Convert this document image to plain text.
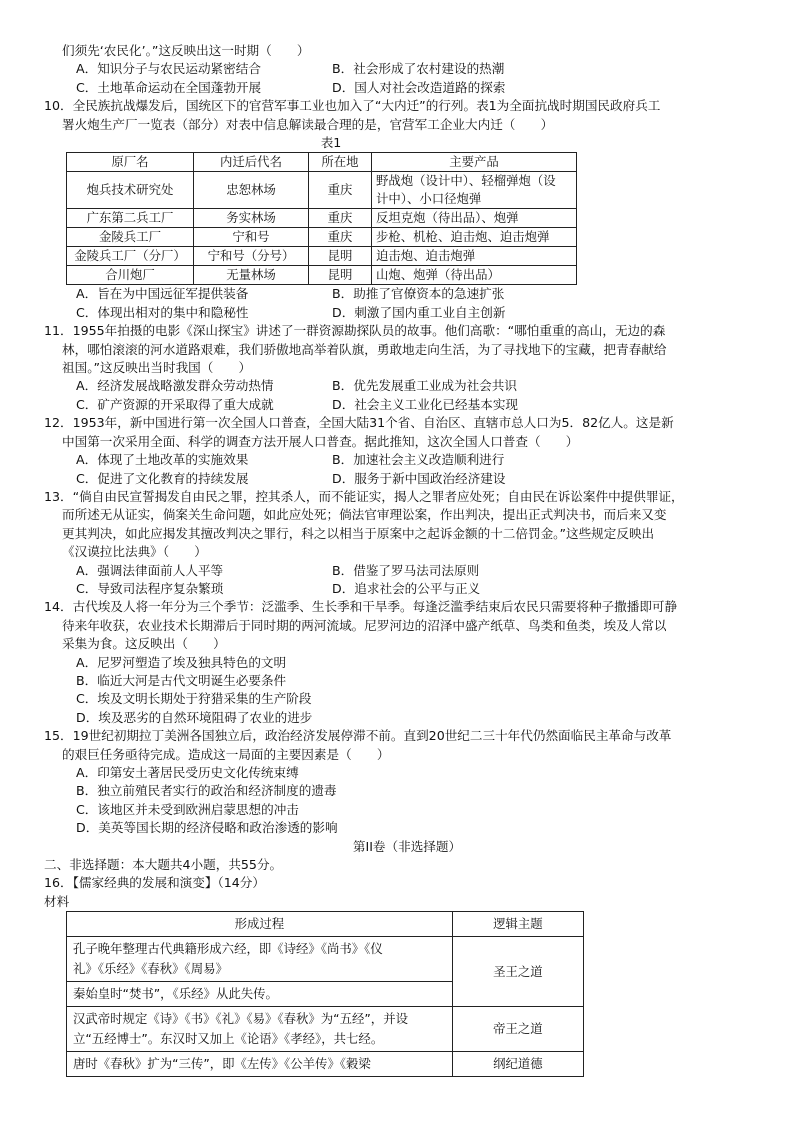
们须先‘农民化’。”这反映出这一时期（　　）
A．知识分子与农民运动紧密结合	B．社会形成了农村建设的热潮
C．土地革命运动在全国蓬勃开展	D．国人对社会改造道路的探索
10．全民族抗战爆发后，国统区下的官营军事工业也加入了“大内迁”的行列。表1为全面抗战时期国民政府兵工
署火炮生产厂一览表（部分）对表中信息解读最合理的是，官营军工企业大内迁（　　）
表1
原厂名	内迁后代名	所在地	主要产品
炮兵技术研究处	忠恕林场	重庆	野战炮（设计中）、轻榴弹炮（设
计中）、小口径炮弹

广东第二兵工厂	务实林场	重庆	反坦克炮（待出品）、炮弹
金陵兵工厂	宁和号	重庆	步枪、机枪、迫击炮、迫击炮弹
金陵兵工厂（分厂）	宁和号（分号）	昆明	迫击炮、迫击炮弹
合川炮厂	无量林场	昆明	山炮、炮弹（待出品）
A．旨在为中国远征军提供装备	B．助推了官僚资本的急速扩张
C．体现出相对的集中和隐秘性	D．刺激了国内重工业自主创新
11．1955年拍摄的电影《深山探宝》讲述了一群资源勘探队员的故事。他们高歌：“哪怕重重的高山，无边的森
林，哪怕滚滚的河水道路艰难，我们骄傲地高举着队旗，勇敢地走向生活，为了寻找地下的宝藏，把青春献给
祖国。”这反映出当时我国（　　）
A．经济发展战略激发群众劳动热情	B．优先发展重工业成为社会共识
C．矿产资源的开采取得了重大成就	D．社会主义工业化已经基本实现
12．1953年，新中国进行第一次全国人口普查，全国大陆31个省、自治区、直辖市总人口为5．82亿人。这是新
中国第一次采用全面、科学的调查方法开展人口普查。据此推知，这次全国人口普查（　　）
A．体现了土地改革的实施效果	B．加速社会主义改造顺利进行
C．促进了文化教育的持续发展	D．服务于新中国政治经济建设
13．“倘自由民宣誓揭发自由民之罪，控其杀人，而不能证实，揭人之罪者应处死；自由民在诉讼案件中提供罪证，
而所述无从证实，倘案关生命问题，如此应处死；倘法官审理讼案，作出判决，提出正式判决书，而后来又变
更其判决，如此应揭发其擅改判决之罪行，科之以相当于原案中之起诉金额的十二倍罚金。”这些规定反映出
《汉谟拉比法典》（　　）
A．强调法律面前人人平等	B．借鉴了罗马法司法原则
C．导致司法程序复杂繁琐	D．追求社会的公平与正义
14．古代埃及人将一年分为三个季节：泛滥季、生长季和干旱季。每逢泛滥季结束后农民只需要将种子撒播即可静
待来年收获，农业技术长期滞后于同时期的两河流域。尼罗河边的沼泽中盛产纸草、鸟类和鱼类，埃及人常以
采集为食。这反映出（　　）
A．尼罗河塑造了埃及独具特色的文明
B．临近大河是古代文明诞生必要条件
C．埃及文明长期处于狩猎采集的生产阶段
D．埃及恶劣的自然环境阻碍了农业的进步
15．19世纪初期拉丁美洲各国独立后，政治经济发展停滞不前。直到20世纪二三十年代仍然面临民主革命与改革
的艰巨任务亟待完成。造成这一局面的主要因素是（　　）
A．印第安土著居民受历史文化传统束缚
B．独立前殖民者实行的政治和经济制度的遗毒
C．该地区并未受到欧洲启蒙思想的冲击
D．美英等国长期的经济侵略和政治渗透的影响
第II卷（非选择题）
二、非选择题：本大题共4小题，共55分。
16．【儒家经典的发展和演变】（14分）
材料
形成过程	逻辑主题

孔子晚年整理古代典籍形成六经，即《诗经》《尚书》《仪
礼》《乐经》《春秋》《周易》	圣王之道
秦始皇时“焚书”，《乐经》从此失传。	

汉武帝时规定《诗》《书》《礼》《易》《春秋》为“五经”，并设
立“五经博士”。东汉时又加上《论语》《孝经》，共七经。	帝王之道
唐时《春秋》扩为“三传”，即《左传》《公羊传》《穀梁	纲纪道德
